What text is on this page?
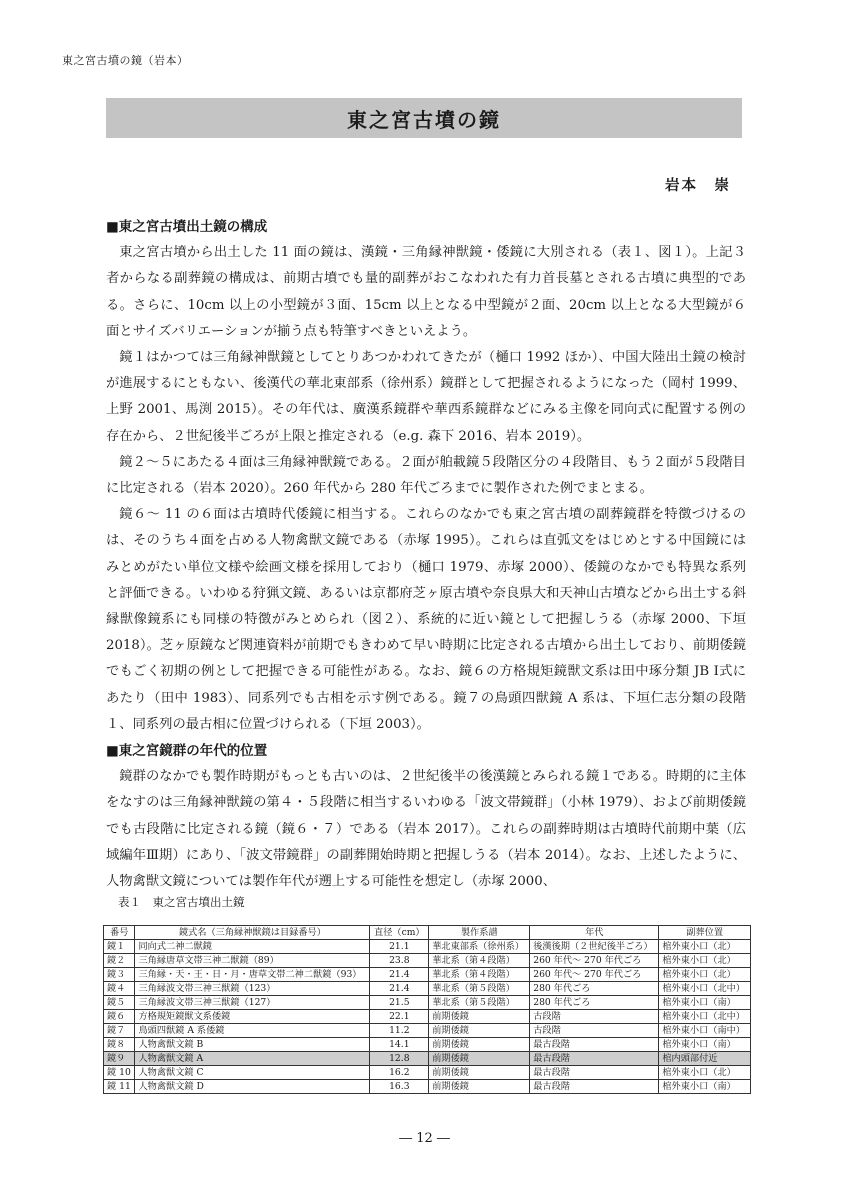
東之宮古墳の鏡（岩本）
東之宮古墳の鏡
岩本　崇
■東之宮古墳出土鏡の構成

東之宮古墳から出土した 11 面の鏡は、漢鏡・三角縁神獣鏡・倭鏡に大別される（表１、図１）。上記３者からなる副葬鏡の構成は、前期古墳でも量的副葬がおこなわれた有力首長墓とされる古墳に典型的である。さらに、10cm 以上の小型鏡が３面、15cm 以上となる中型鏡が２面、20cm 以上となる大型鏡が６面とサイズバリエーションが揃う点も特筆すべきといえよう。

鏡１はかつては三角縁神獣鏡としてとりあつかわれてきたが（樋口 1992 ほか）、中国大陸出土鏡の検討が進展するにともない、後漢代の華北東部系（徐州系）鏡群として把握されるようになった（岡村 1999、上野 2001、馬渕 2015）。その年代は、廣漢系鏡群や華西系鏡群などにみる主像を同向式に配置する例の存在から、２世紀後半ごろが上限と推定される（e.g. 森下 2016、岩本 2019）。

鏡２～５にあたる４面は三角縁神獣鏡である。２面が舶載鏡５段階区分の４段階目、もう２面が５段階目に比定される（岩本 2020）。260 年代から 280 年代ごろまでに製作された例でまとまる。

鏡６～ 11 の６面は古墳時代倭鏡に相当する。これらのなかでも東之宮古墳の副葬鏡群を特徴づけるのは、そのうち４面を占める人物禽獣文鏡である（赤塚 1995）。これらは直弧文をはじめとする中国鏡にはみとめがたい単位文様や絵画文様を採用しており（樋口 1979、赤塚 2000）、倭鏡のなかでも特異な系列と評価できる。いわゆる狩猟文鏡、あるいは京都府芝ヶ原古墳や奈良県大和天神山古墳などから出土する斜縁獣像鏡系にも同様の特徴がみとめられ（図２）、系統的に近い鏡として把握しうる（赤塚 2000、下垣 2018）。芝ヶ原鏡など関連資料が前期でもきわめて早い時期に比定される古墳から出土しており、前期倭鏡でもごく初期の例として把握できる可能性がある。なお、鏡６の方格規矩鏡獣文系は田中琢分類 JB Ⅰ式にあたり（田中 1983）、同系列でも古相を示す例である。鏡７の鳥頭四獣鏡 A 系は、下垣仁志分類の段階１、同系列の最古相に位置づけられる（下垣 2003）。

■東之宮鏡群の年代的位置

鏡群のなかでも製作時期がもっとも古いのは、２世紀後半の後漢鏡とみられる鏡１である。時期的に主体をなすのは三角縁神獣鏡の第４・５段階に相当するいわゆる「波文帯鏡群」（小林 1979）、および前期倭鏡でも古段階に比定される鏡（鏡６・７）である（岩本 2017）。これらの副葬時期は古墳時代前期中葉（広域編年Ⅲ期）にあり、「波文帯鏡群」の副葬開始時期と把握しうる（岩本 2014）。なお、上述したように、人物禽獣文鏡については製作年代が遡上する可能性を想定し（赤塚 2000、

表１　東之宮古墳出土鏡
番号	鏡式名（三角縁神獣鏡は目録番号）	直径（cm）	製作系譜	年代	副葬位置
鏡１	同向式二神二獣鏡	21.1	華北東部系（徐州系）	後漢後期（２世紀後半ごろ）	棺外東小口（北）
鏡２	三角縁唐草文帯三神二獣鏡（89）	23.8	華北系（第４段階）	260 年代～ 270 年代ごろ	棺外東小口（北）
鏡３	三角縁・天・王・日・月・唐草文帯二神二獣鏡（93）	21.4	華北系（第４段階）	260 年代～ 270 年代ごろ	棺外東小口（北）
鏡４	三角縁波文帯三神三獣鏡（123）	21.4	華北系（第５段階）	280 年代ごろ	棺外東小口（北中）
鏡５	三角縁波文帯三神三獣鏡（127）	21.5	華北系（第５段階）	280 年代ごろ	棺外東小口（南）
鏡６	方格規矩鏡獣文系倭鏡	22.1	前期倭鏡	古段階	棺外東小口（北中）
鏡７	鳥頭四獣鏡 A 系倭鏡	11.2	前期倭鏡	古段階	棺外東小口（南中）
鏡８	人物禽獣文鏡 B	14.1	前期倭鏡	最古段階	棺外東小口（南）
鏡９	人物禽獣文鏡 A	12.8	前期倭鏡	最古段階	棺内頭部付近
鏡 10	人物禽獣文鏡 C	16.2	前期倭鏡	最古段階	棺外東小口（北）
鏡 11	人物禽獣文鏡 D	16.3	前期倭鏡	最古段階	棺外東小口（南）
― 12 ―
